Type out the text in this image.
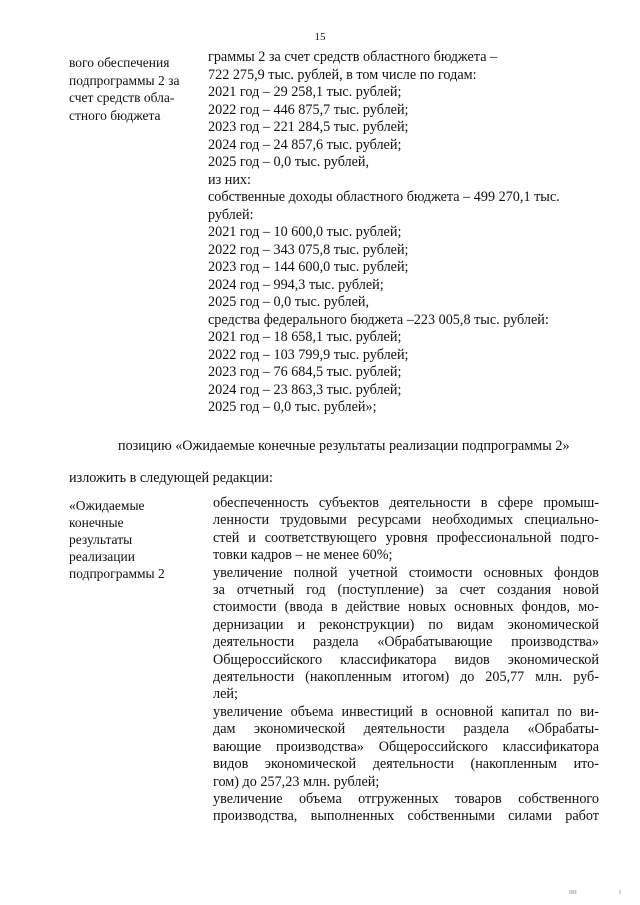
15
вого обеспечения
подпрограммы 2 за
счет средств обла-
стного бюджета
граммы 2 за счет средств областного бюджета –
722 275,9 тыс. рублей, в том числе по годам:
2021 год – 29 258,1 тыс. рублей;
2022 год – 446 875,7 тыс. рублей;
2023 год – 221 284,5 тыс. рублей;
2024 год – 24 857,6 тыс. рублей;
2025 год – 0,0 тыс. рублей,
из них:
собственные доходы областного бюджета – 499 270,1 тыс.
рублей:
2021 год – 10 600,0 тыс. рублей;
2022 год – 343 075,8 тыс. рублей;
2023 год – 144 600,0 тыс. рублей;
2024 год – 994,3 тыс. рублей;
2025 год – 0,0 тыс. рублей,
средства федерального бюджета –223 005,8 тыс. рублей:
2021 год – 18 658,1 тыс. рублей;
2022 год – 103 799,9 тыс. рублей;
2023 год – 76 684,5 тыс. рублей;
2024 год – 23 863,3 тыс. рублей;
2025 год – 0,0 тыс. рублей»;
позицию «Ожидаемые конечные результаты реализации подпрограммы 2»
изложить в следующей редакции:
«Ожидаемые
конечные
результаты
реализации
подпрограммы 2
обеспеченность субъектов деятельности в сфере промыш-
ленности трудовыми ресурсами необходимых специально-
стей и соответствующего уровня профессиональной подго-
товки кадров – не менее 60%;
увеличение полной учетной стоимости основных фондов
за отчетный год (поступление) за счет создания новой
стоимости (ввода в действие новых основных фондов, мо-
дернизации и реконструкции) по видам экономической
деятельности раздела «Обрабатывающие производства»
Общероссийского классификатора видов экономической
деятельности (накопленным итогом) до 205,77 млн. руб-
лей;
увеличение объема инвестиций в основной капитал по ви-
дам экономической деятельности раздела «Обрабаты-
вающие производства» Общероссийского классификатора
видов экономической деятельности (накопленным ито-
гом) до 257,23 млн. рублей;
увеличение объема отгруженных товаров собственного
производства, выполненных собственными силами работ
ıııı	ı
